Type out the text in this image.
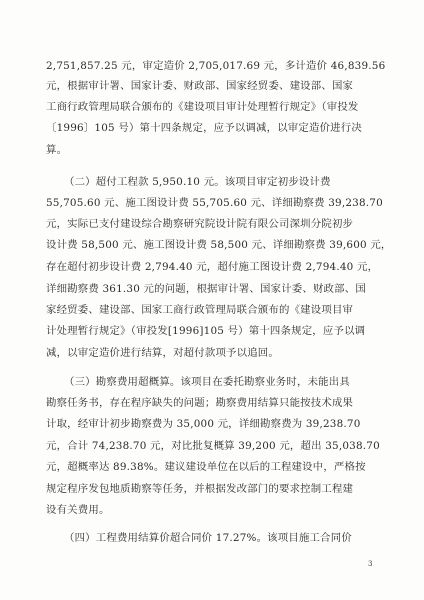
2,751,857.25 元，审定造价 2,705,017.69 元，多计造价 46,839.56
元，根据审计署、国家计委、财政部、国家经贸委、建设部、国家
工商行政管理局联合颁布的《建设项目审计处理暂行规定》（审投发
〔1996〕105 号）第十四条规定，应予以调减，以审定造价进行决
算。
（二）超付工程款 5,950.10 元。该项目审定初步设计费
55,705.60 元、施工图设计费 55,705.60 元、详细勘察费 39,238.70
元，实际已支付建设综合勘察研究院设计院有限公司深圳分院初步
设计费 58,500 元、施工图设计费 58,500 元、详细勘察费 39,600 元，
存在超付初步设计费 2,794.40 元，超付施工图设计费 2,794.40 元，
详细勘察费 361.30 元的问题，根据审计署、国家计委、财政部、国
家经贸委、建设部、国家工商行政管理局联合颁布的《建设项目审
计处理暂行规定》（审投发[1996]105 号）第十四条规定，应予以调
减，以审定造价进行结算，对超付款项予以追回。
（三）勘察费用超概算。该项目在委托勘察业务时，未能出具
勘察任务书，存在程序缺失的问题；勘察费用结算只能按技术成果
计取，经审计初步勘察费为 35,000 元，详细勘察费为 39,238.70
元，合计 74,238.70 元，对比批复概算 39,200 元，超出 35,038.70
元，超概率达 89.38%。建议建设单位在以后的工程建设中，严格按
规定程序发包地质勘察等任务，并根据发改部门的要求控制工程建
设有关费用。
（四）工程费用结算价超合同价 17.27%。该项目施工合同价
3
